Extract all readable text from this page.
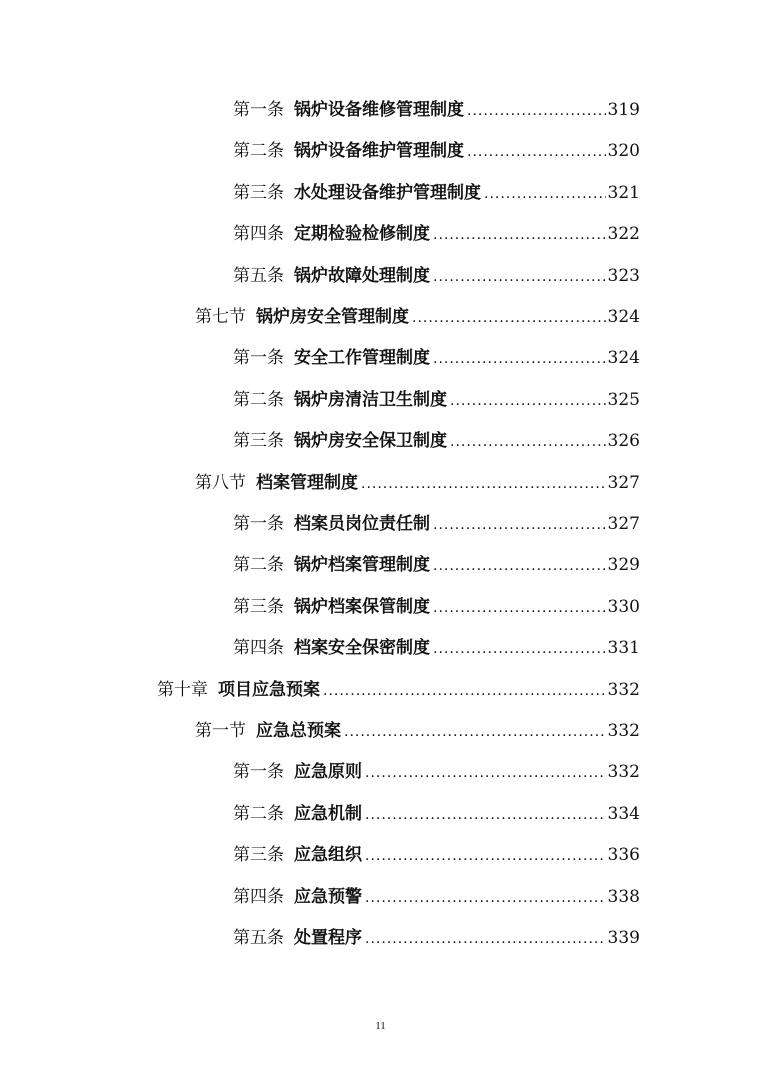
第一条 锅炉设备维修管理制度 .....	319
第二条 锅炉设备维护管理制度 .....	320
第三条 水处理设备维护管理制度 .....	321
第四条 定期检验检修制度 .....	322
第五条 锅炉故障处理制度 .....	323
第七节 锅炉房安全管理制度 .....	324
第一条 安全工作管理制度 .....	324
第二条 锅炉房清洁卫生制度 .....	325
第三条 锅炉房安全保卫制度 .....	326
第八节 档案管理制度 .....	327
第一条 档案员岗位责任制 .....	327
第二条 锅炉档案管理制度 .....	329
第三条 锅炉档案保管制度 .....	330
第四条 档案安全保密制度 .....	331
第十章 项目应急预案 .....	332
第一节 应急总预案 .....	332
第一条 应急原则 .....	332
第二条 应急机制 .....	334
第三条 应急组织 .....	336
第四条 应急预警 .....	338
第五条 处置程序 .....	339
11
